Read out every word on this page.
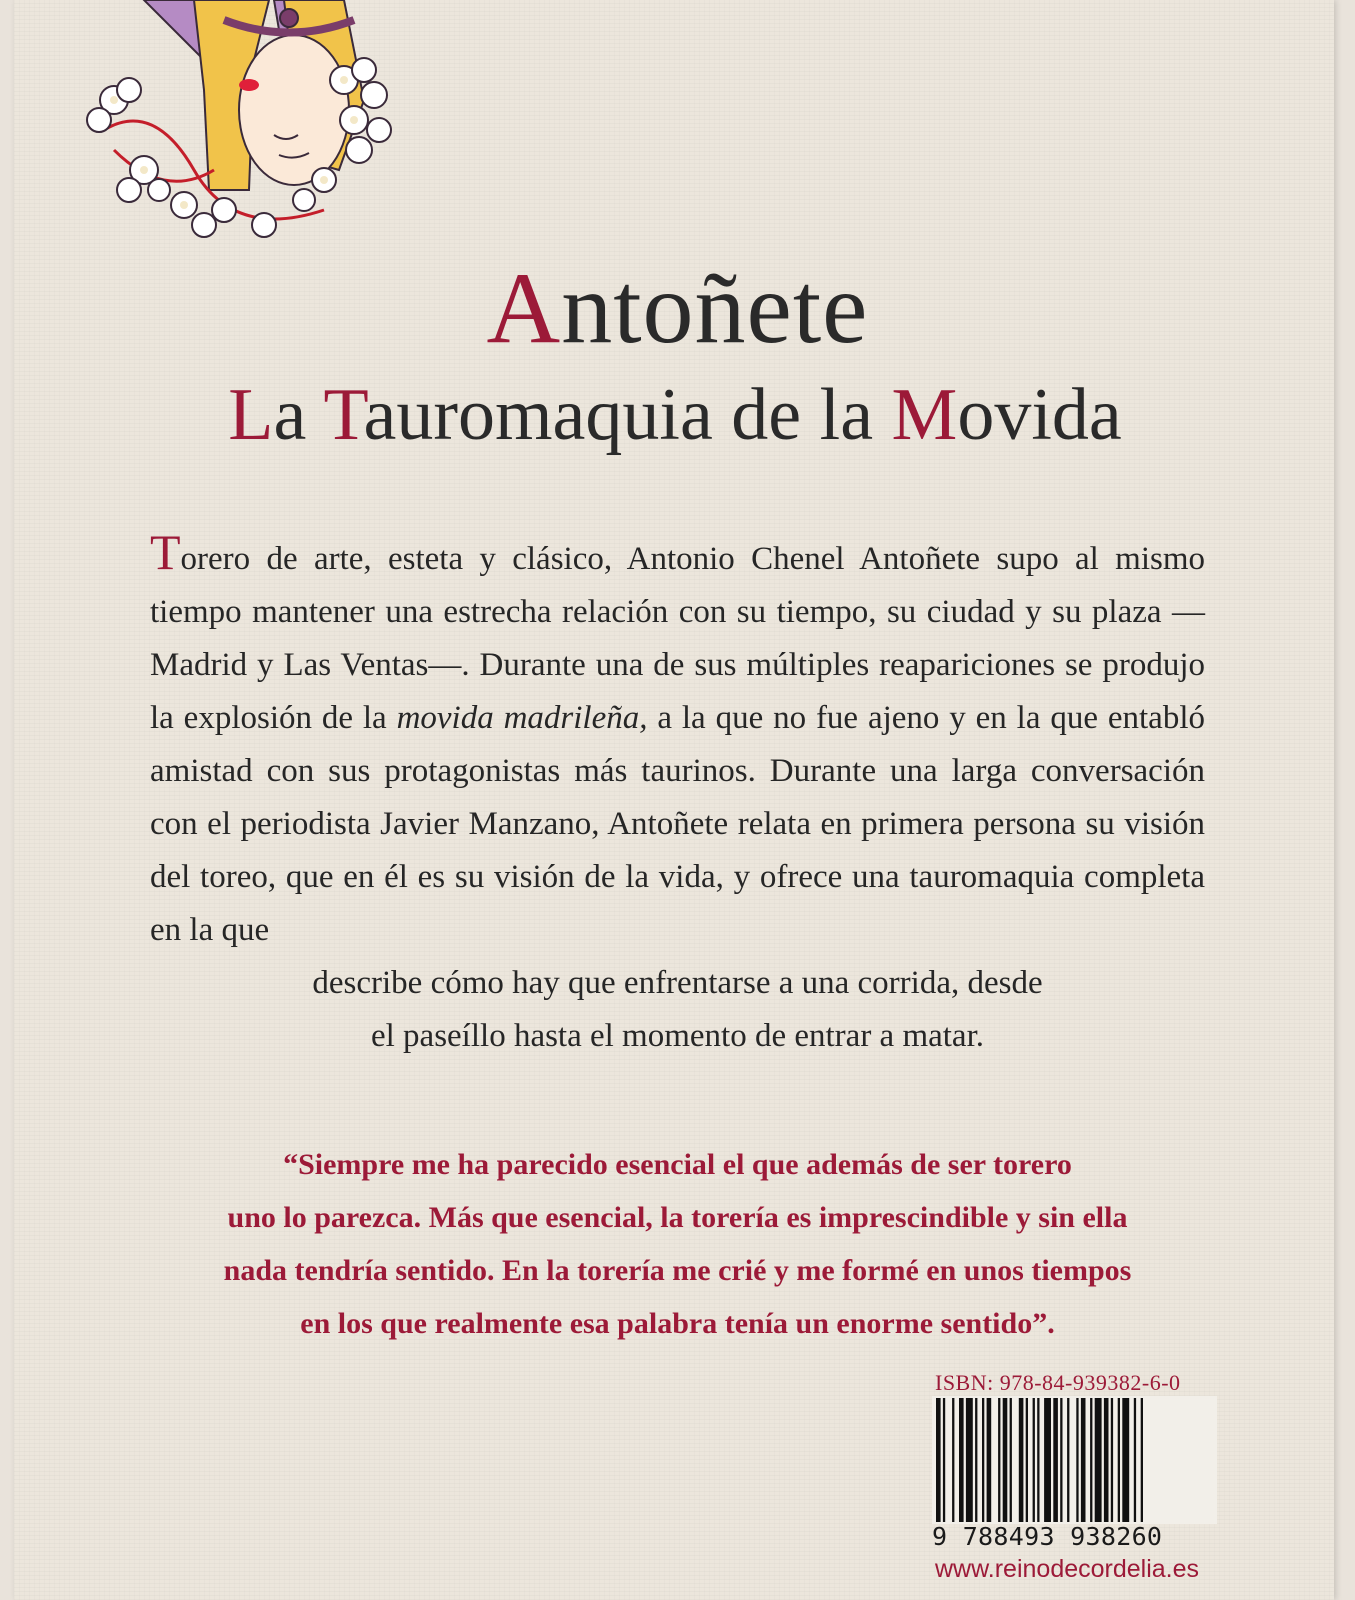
Antoñete
La Tauromaquia de la Movida

Torero de arte, esteta y clásico, Antonio Chenel Antoñete supo al mismo tiempo mantener una estrecha relación con su tiempo, su ciudad y su plaza —Madrid y Las Ventas—. Durante una de sus múltiples reapariciones se produjo la explosión de la movida madrileña, a la que no fue ajeno y en la que entabló amistad con sus protagonistas más taurinos. Durante una larga conversación con el periodista Javier Manzano, Antoñete relata en primera persona su visión del toreo, que en él es su visión de la vida, y ofrece una tauromaquia completa en la que
describe cómo hay que enfrentarse a una corrida, desde
el paseíllo hasta el momento de entrar a matar.

“Siempre me ha parecido esencial el que además de ser torero
uno lo parezca. Más que esencial, la torería es imprescindible y sin ella
nada tendría sentido. En la torería me crié y me formé en unos tiempos
en los que realmente esa palabra tenía un enorme sentido”.

ISBN: 978-84-939382-6-0
9 788493 938260
www.reinodecordelia.es
